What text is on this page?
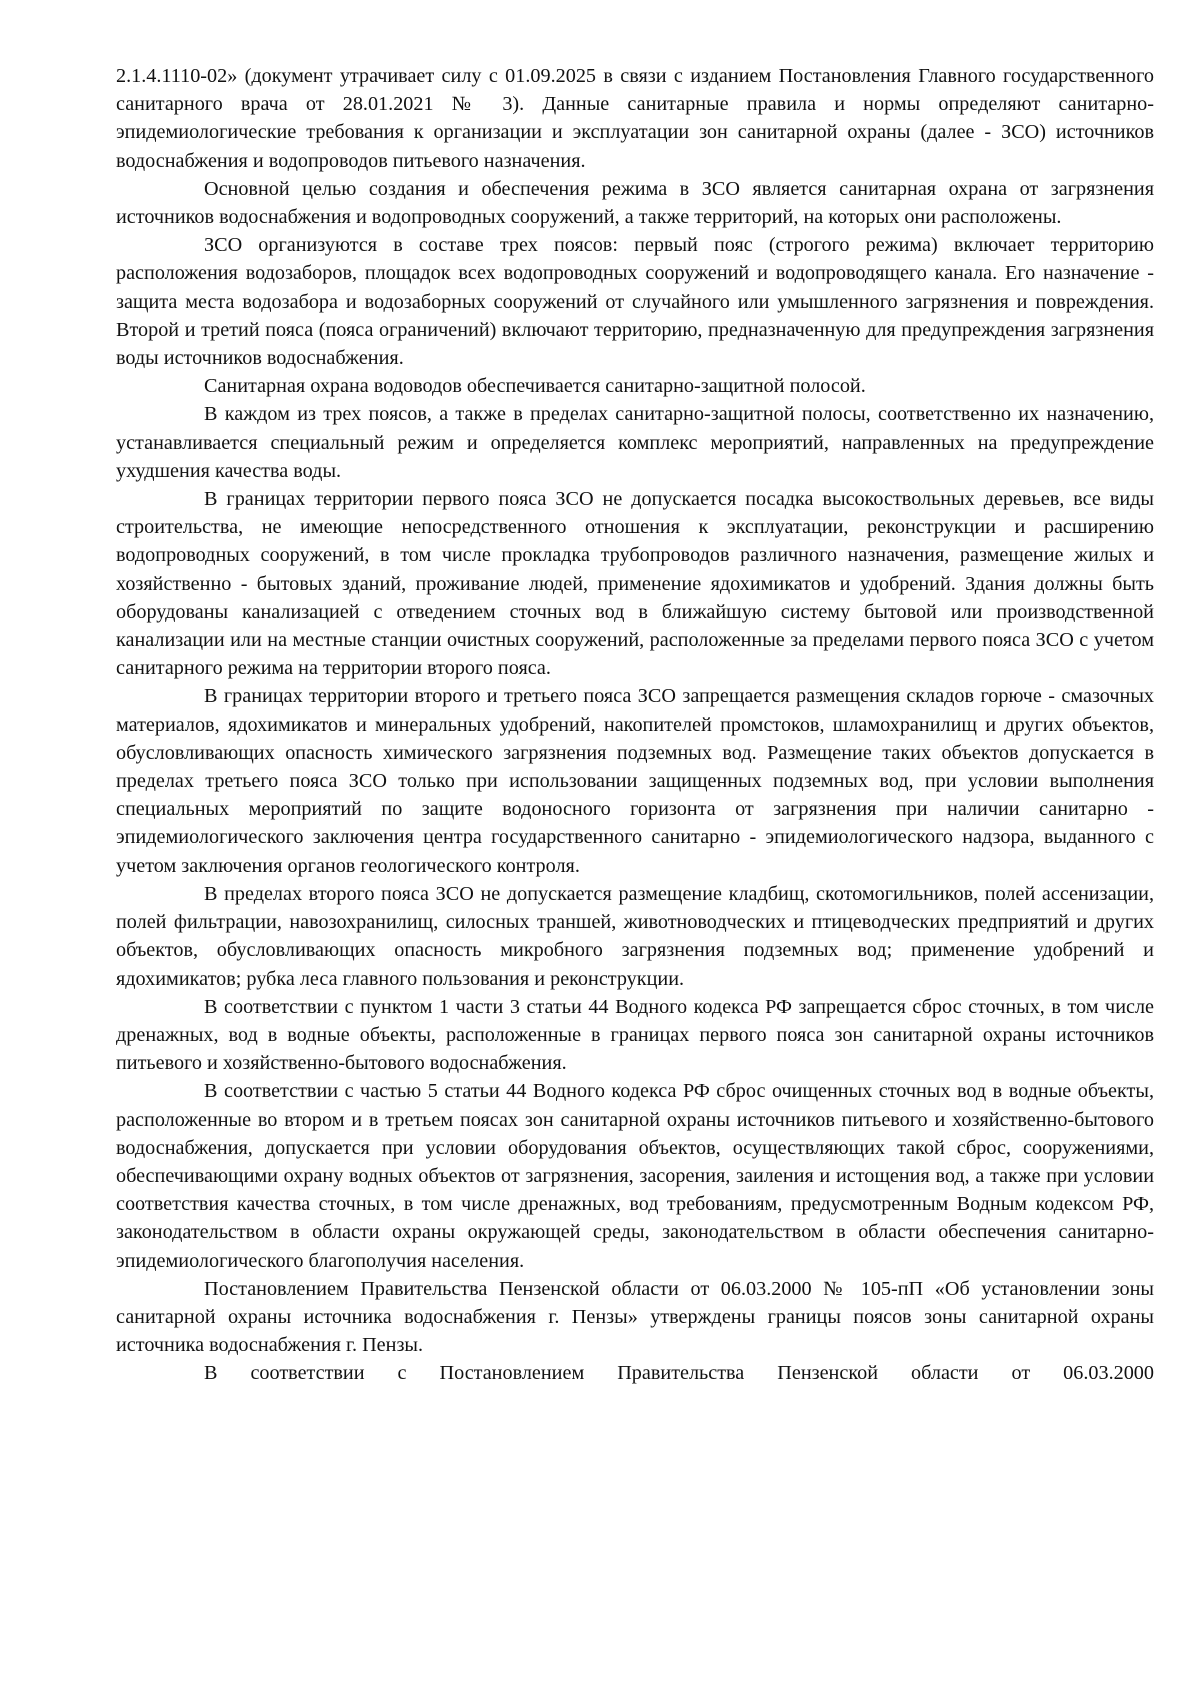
2.1.4.1110-02» (документ утрачивает силу с 01.09.2025 в связи с изданием Постановления Главного государственного санитарного врача от 28.01.2021 № 3). Данные санитарные правила и нормы определяют санитарно-эпидемиологические требования к организации и эксплуатации зон санитарной охраны (далее - ЗСО) источников водоснабжения и водопроводов питьевого назначения.

Основной целью создания и обеспечения режима в ЗСО является санитарная охрана от загрязнения источников водоснабжения и водопроводных сооружений, а также территорий, на которых они расположены.

ЗСО организуются в составе трех поясов: первый пояс (строгого режима) включает территорию расположения водозаборов, площадок всех водопроводных сооружений и водопроводящего канала. Его назначение - защита места водозабора и водозаборных сооружений от случайного или умышленного загрязнения и повреждения. Второй и третий пояса (пояса ограничений) включают территорию, предназначенную для предупреждения загрязнения воды источников водоснабжения.

Санитарная охрана водоводов обеспечивается санитарно-защитной полосой.

В каждом из трех поясов, а также в пределах санитарно-защитной полосы, соответственно их назначению, устанавливается специальный режим и определяется комплекс мероприятий, направленных на предупреждение ухудшения качества воды.

В границах территории первого пояса ЗСО не допускается посадка высокоствольных деревьев, все виды строительства, не имеющие непосредственного отношения к эксплуатации, реконструкции и расширению водопроводных сооружений, в том числе прокладка трубопроводов различного назначения, размещение жилых и хозяйственно - бытовых зданий, проживание людей, применение ядохимикатов и удобрений. Здания должны быть оборудованы канализацией с отведением сточных вод в ближайшую систему бытовой или производственной канализации или на местные станции очистных сооружений, расположенные за пределами первого пояса ЗСО с учетом санитарного режима на территории второго пояса.

В границах территории второго и третьего пояса ЗСО запрещается размещения складов горюче - смазочных материалов, ядохимикатов и минеральных удобрений, накопителей промстоков, шламохранилищ и других объектов, обусловливающих опасность химического загрязнения подземных вод. Размещение таких объектов допускается в пределах третьего пояса ЗСО только при использовании защищенных подземных вод, при условии выполнения специальных мероприятий по защите водоносного горизонта от загрязнения при наличии санитарно - эпидемиологического заключения центра государственного санитарно - эпидемиологического надзора, выданного с учетом заключения органов геологического контроля.

В пределах второго пояса ЗСО не допускается размещение кладбищ, скотомогильников, полей ассенизации, полей фильтрации, навозохранилищ, силосных траншей, животноводческих и птицеводческих предприятий и других объектов, обусловливающих опасность микробного загрязнения подземных вод; применение удобрений и ядохимикатов; рубка леса главного пользования и реконструкции.

В соответствии с пунктом 1 части 3 статьи 44 Водного кодекса РФ запрещается сброс сточных, в том числе дренажных, вод в водные объекты, расположенные в границах первого пояса зон санитарной охраны источников питьевого и хозяйственно-бытового водоснабжения.

В соответствии с частью 5 статьи 44 Водного кодекса РФ сброс очищенных сточных вод в водные объекты, расположенные во втором и в третьем поясах зон санитарной охраны источников питьевого и хозяйственно-бытового водоснабжения, допускается при условии оборудования объектов, осуществляющих такой сброс, сооружениями, обеспечивающими охрану водных объектов от загрязнения, засорения, заиления и истощения вод, а также при условии соответствия качества сточных, в том числе дренажных, вод требованиям, предусмотренным Водным кодексом РФ, законодательством в области охраны окружающей среды, законодательством в области обеспечения санитарно-эпидемиологического благополучия населения.

Постановлением Правительства Пензенской области от 06.03.2000 № 105-пП «Об установлении зоны санитарной охраны источника водоснабжения г. Пензы» утверждены границы поясов зоны санитарной охраны источника водоснабжения г. Пензы.

В соответствии с Постановлением Правительства Пензенской области от 06.03.2000
